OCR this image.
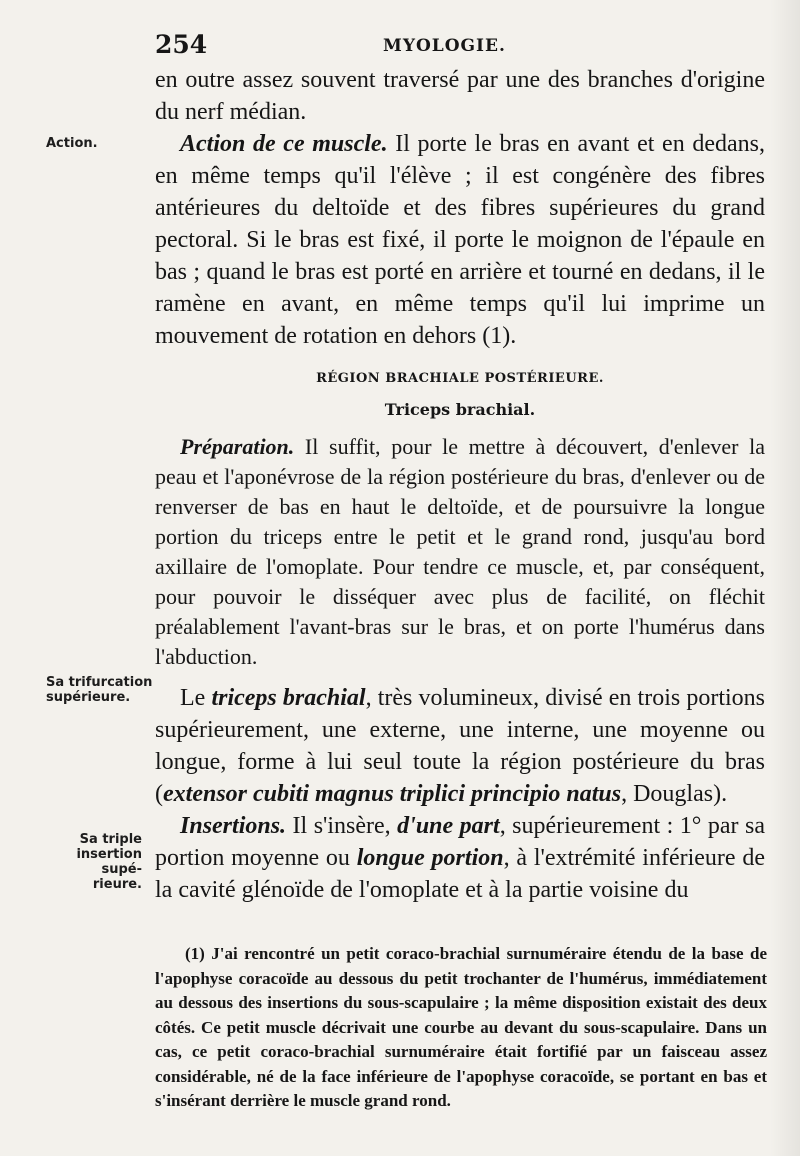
254	MYOLOGIE.
Action.
Sa trifurcation
supérieure.
Sa triple
insertion supé-
rieure.

en outre assez souvent traversé par une des branches d'origine du nerf médian.

Action de ce muscle. Il porte le bras en avant et en dedans, en même temps qu'il l'élève ; il est congénère des fibres antérieures du deltoïde et des fibres supérieures du grand pectoral. Si le bras est fixé, il porte le moignon de l'épaule en bas ; quand le bras est porté en arrière et tourné en dedans, il le ramène en avant, en même temps qu'il lui imprime un mouvement de rotation en dehors (1).

RÉGION BRACHIALE POSTÉRIEURE.
Triceps brachial.

Préparation. Il suffit, pour le mettre à découvert, d'enlever la peau et l'aponévrose de la région postérieure du bras, d'enlever ou de renverser de bas en haut le deltoïde, et de poursuivre la longue portion du triceps entre le petit et le grand rond, jusqu'au bord axillaire de l'omoplate. Pour tendre ce muscle, et, par conséquent, pour pouvoir le disséquer avec plus de facilité, on fléchit préalablement l'avant-bras sur le bras, et on porte l'humérus dans l'abduction.

Le triceps brachial, très volumineux, divisé en trois portions supérieurement, une externe, une interne, une moyenne ou longue, forme à lui seul toute la région postérieure du bras (extensor cubiti magnus triplici principio natus, Douglas).

Insertions. Il s'insère, d'une part, supérieurement : 1° par sa portion moyenne ou longue portion, à l'extrémité inférieure de la cavité glénoïde de l'omoplate et à la partie voisine du

(1) J'ai rencontré un petit coraco-brachial surnuméraire étendu de la base de l'apophyse coracoïde au dessous du petit trochanter de l'humérus, immédiatement au dessous des insertions du sous-scapulaire ; la même disposition existait des deux côtés. Ce petit muscle décrivait une courbe au devant du sous-scapulaire. Dans un cas, ce petit coraco-brachial surnuméraire était fortifié par un faisceau assez considérable, né de la face inférieure de l'apophyse coracoïde, se portant en bas et s'insérant derrière le muscle grand rond.
